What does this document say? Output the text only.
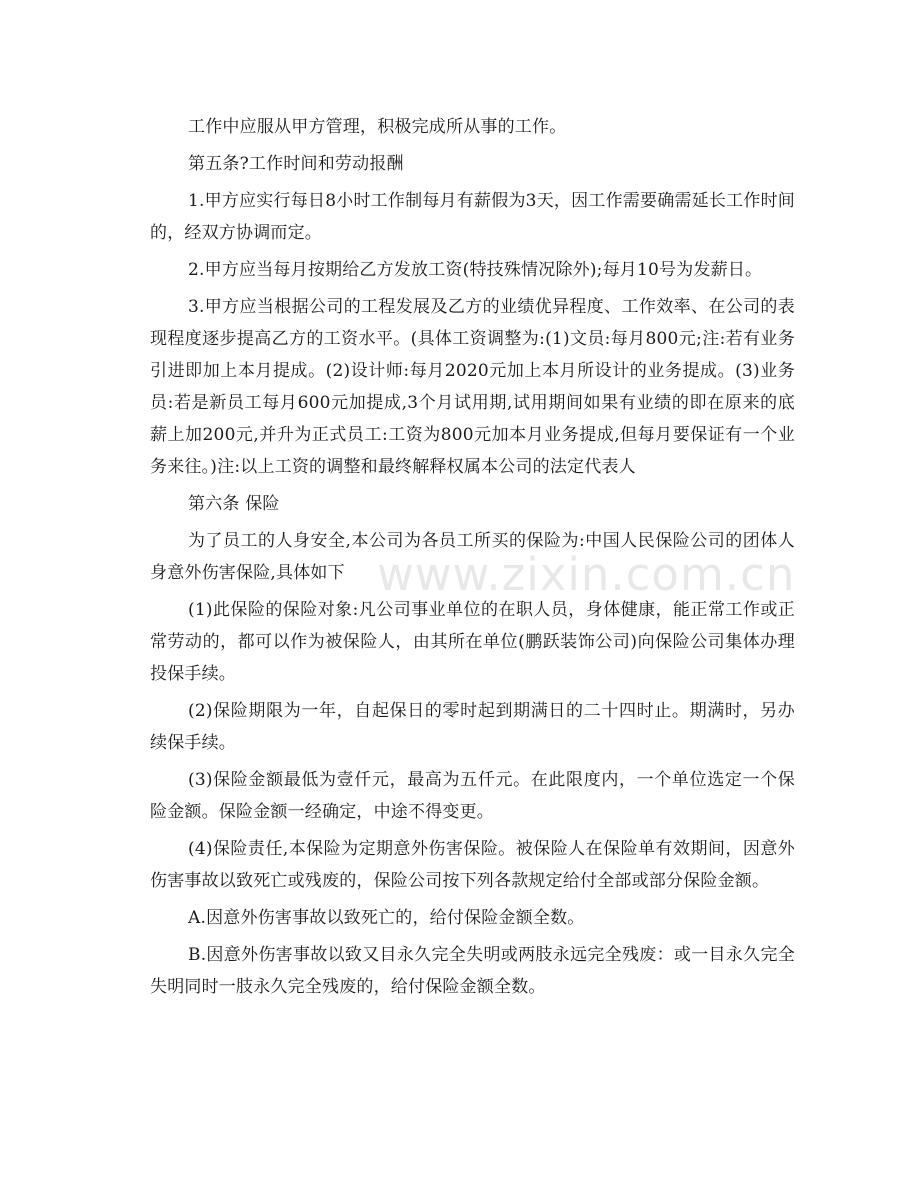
工作中应服从甲方管理，积极完成所从事的工作。

第五条?工作时间和劳动报酬

1.甲方应实行每日8小时工作制每月有薪假为3天，因工作需要确需延长工作时间的，经双方协调而定。

2.甲方应当每月按期给乙方发放工资(特技殊情况除外);每月10号为发薪日。

3.甲方应当根据公司的工程发展及乙方的业绩优异程度、工作效率、在公司的表现程度逐步提高乙方的工资水平。(具体工资调整为:(1)文员:每月800元;注:若有业务引进即加上本月提成。(2)设计师:每月2020元加上本月所设计的业务提成。(3)业务员:若是新员工每月600元加提成,3个月试用期,试用期间如果有业绩的即在原来的底薪上加200元,并升为正式员工:工资为800元加本月业务提成,但每月要保证有一个业务来往。)注:以上工资的调整和最终解释权属本公司的法定代表人

第六条 保险

为了员工的人身安全,本公司为各员工所买的保险为:中国人民保险公司的团体人身意外伤害保险,具体如下

(1)此保险的保险对象:凡公司事业单位的在职人员，身体健康，能正常工作或正常劳动的，都可以作为被保险人，由其所在单位(鹏跃装饰公司)向保险公司集体办理投保手续。

(2)保险期限为一年，自起保日的零时起到期满日的二十四时止。期满时，另办续保手续。

(3)保险金额最低为壹仟元，最高为五仟元。在此限度内，一个单位选定一个保险金额。保险金额一经确定，中途不得变更。

(4)保险责任,本保险为定期意外伤害保险。被保险人在保险单有效期间，因意外伤害事故以致死亡或残废的，保险公司按下列各款规定给付全部或部分保险金额。

A.因意外伤害事故以致死亡的，给付保险金额全数。

B.因意外伤害事故以致又目永久完全失明或两肢永远完全残废：或一目永久完全失明同时一肢永久完全残废的，给付保险金额全数。

www.zixin.com.cn
